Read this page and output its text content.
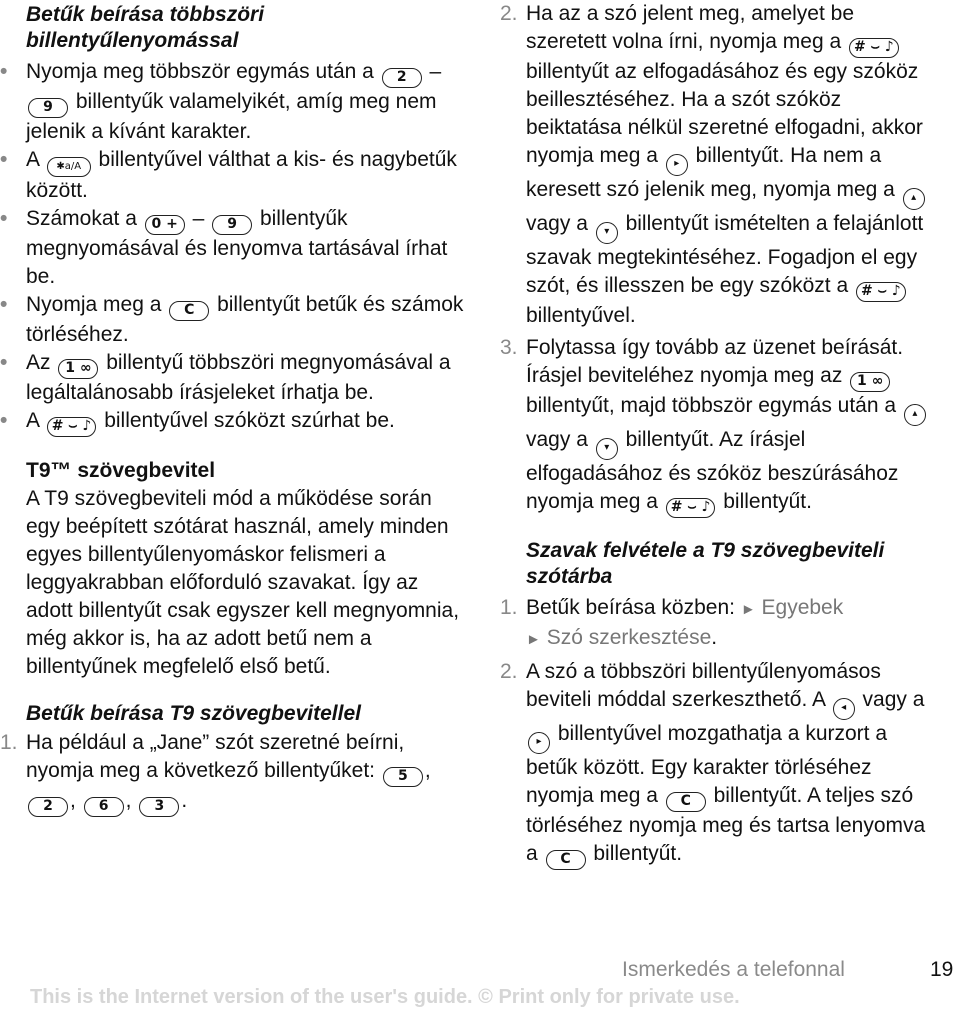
Betűk beírása többszöri billentyűlenyomással
• Nyomja meg többször egymás után a 2 – 9 billentyűk valamelyikét, amíg meg nem jelenik a kívánt karakter.
• A ✱a/A billentyűvel válthat a kis- és nagybetűk között.
• Számokat a 0 + – 9 billentyűk megnyomásával és lenyomva tartásával írhat be.
• Nyomja meg a C billentyűt betűk és számok törléséhez.
• Az 1 ∞ billentyű többszöri megnyomásával a legáltalánosabb írásjeleket írhatja be.
• A # ⌣ ♪ billentyűvel szóközt szúrhat be.
T9™ szövegbevitel
A T9 szövegbeviteli mód a működése során egy beépített szótárat használ, amely minden egyes billentyűlenyomáskor felismeri a leggyakrabban előforduló szavakat. Így az adott billentyűt csak egyszer kell megnyomnia, még akkor is, ha az adott betű nem a billentyűnek megfelelő első betű.
Betűk beírása T9 szövegbevitellel
1. Ha például a „Jane” szót szeretné beírni, nyomja meg a következő billentyűket: 5 , 2 , 6 , 3 .
2. Ha az a szó jelent meg, amelyet be szeretett volna írni, nyomja meg a # ⌣ ♪ billentyűt az elfogadásához és egy szóköz beillesztéséhez. Ha a szót szóköz beiktatása nélkül szeretné elfogadni, akkor nyomja meg a ▸ billentyűt. Ha nem a keresett szó jelenik meg, nyomja meg a ▴ vagy a ▾ billentyűt ismételten a felajánlott szavak megtekintéséhez. Fogadjon el egy szót, és illesszen be egy szóközt a # ⌣ ♪ billentyűvel.
3. Folytassa így tovább az üzenet beírását. Írásjel beviteléhez nyomja meg az 1 ∞ billentyűt, majd többször egymás után a ▴ vagy a ▾ billentyűt. Az írásjel elfogadásához és szóköz beszúrásához nyomja meg a # ⌣ ♪ billentyűt.
Szavak felvétele a T9 szövegbeviteli szótárba
1. Betűk beírása közben: ► Egyebek
► Szó szerkesztése.
2. A szó a többszöri billentyűlenyomásos beviteli móddal szerkeszthető. A ◂ vagy a ▸ billentyűvel mozgathatja a kurzort a betűk között. Egy karakter törléséhez nyomja meg a C billentyűt. A teljes szó törléséhez nyomja meg és tartsa lenyomva a C billentyűt.
Ismerkedés a telefonnal	19
This is the Internet version of the user's guide. © Print only for private use.
